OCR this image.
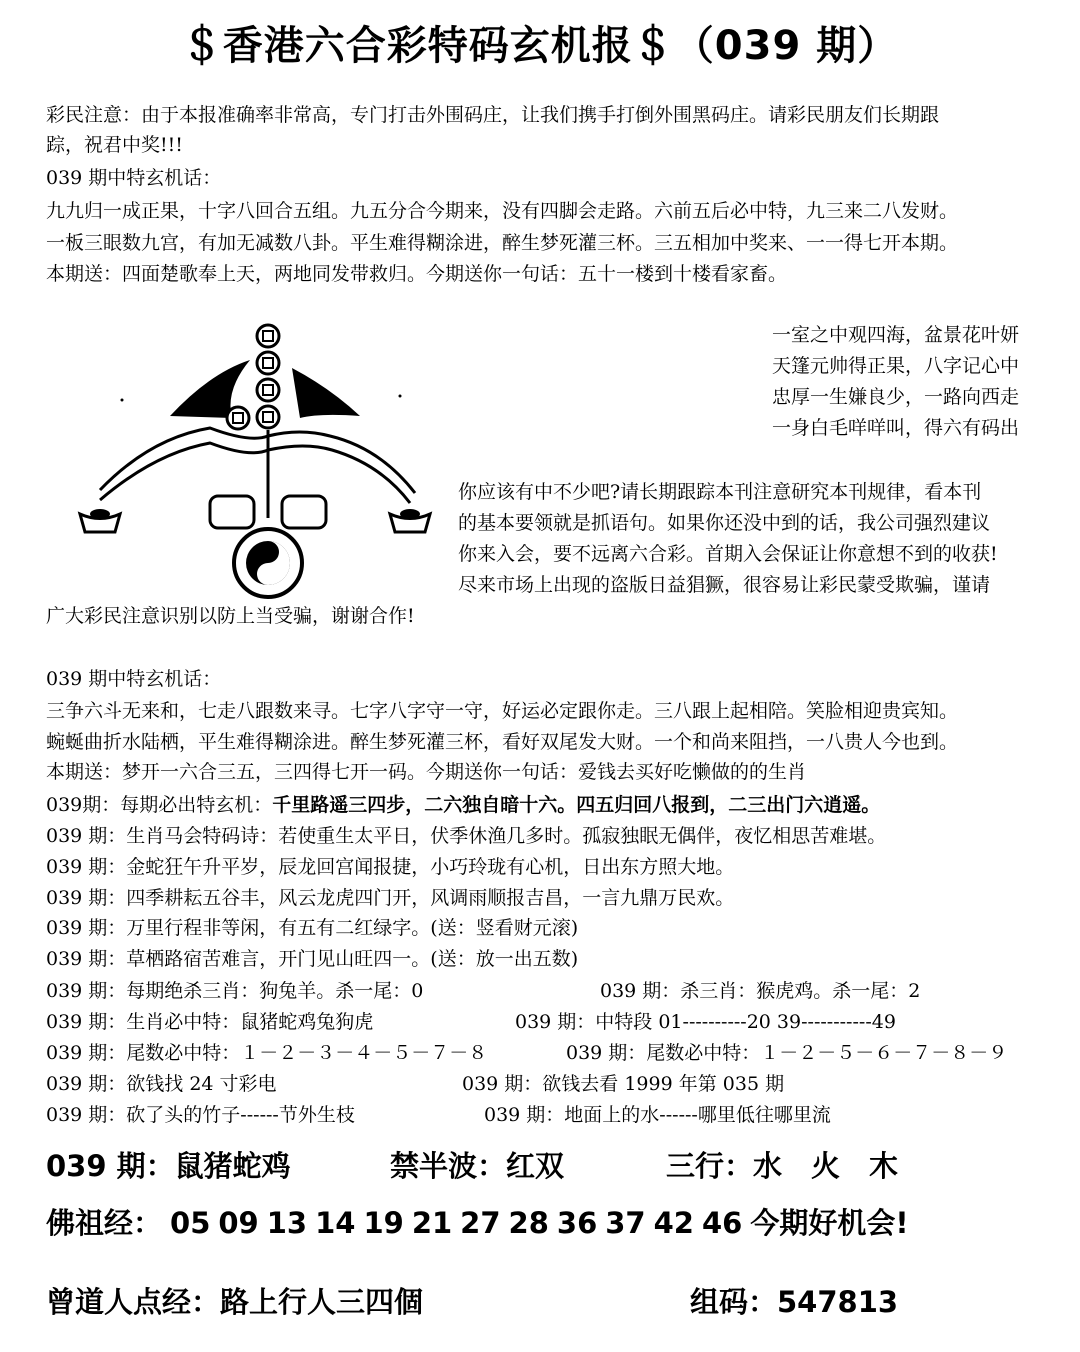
＄香港六合彩特码玄机报＄（039 期）
彩民注意：由于本报准确率非常高，专门打击外围码庄，让我们携手打倒外围黑码庄。请彩民朋友们长期跟
踪，祝君中奖!!!
039 期中特玄机话：
九九归一成正果，十字八回合五组。九五分合今期来，没有四脚会走路。六前五后必中特，九三来二八发财。
一板三眼数九宫，有加无减数八卦。平生难得糊涂进，醉生梦死灌三杯。三五相加中奖来、一一得七开本期。
本期送：四面楚歌奉上天，两地同发带救归。今期送你一句话：五十一楼到十楼看家畜。
一室之中观四海，盆景花叶妍
天篷元帅得正果，八字记心中
忠厚一生嫌良少，一路向西走
一身白毛咩咩叫，得六有码出
你应该有中不少吧?请长期跟踪本刊注意研究本刊规律，看本刊
的基本要领就是抓语句。如果你还没中到的话，我公司强烈建议
你来入会，要不远离六合彩。首期入会保证让你意想不到的收获!
尽来市场上出现的盗版日益猖獗，很容易让彩民蒙受欺骗，谨请
广大彩民注意识别以防上当受骗，谢谢合作!
039 期中特玄机话：
三争六斗无来和，七走八跟数来寻。七字八字守一守，好运必定跟你走。三八跟上起相陪。笑脸相迎贵宾知。
蜿蜒曲折水陆栖，平生难得糊涂进。醉生梦死灌三杯，看好双尾发大财。一个和尚来阻挡，一八贵人今也到。
本期送：梦开一六合三五，三四得七开一码。今期送你一句话：爱钱去买好吃懒做的的生肖
039期：每期必出特玄机：千里路遥三四步，二六独自暗十六。四五归回八报到，二三出门六逍遥。
039 期：生肖马会特码诗：若使重生太平日，伏季休渔几多时。孤寂独眠无偶伴，夜忆相思苦难堪。
039 期：金蛇狂午升平岁，辰龙回宫闻报捷，小巧玲珑有心机，日出东方照大地。
039 期：四季耕耘五谷丰，风云龙虎四门开，风调雨顺报吉昌，一言九鼎万民欢。
039 期：万里行程非等闲，有五有二红绿字。(送：竖看财元滚)
039 期：草栖路宿苦难言，开门见山旺四一。(送：放一出五数)
039 期：每期绝杀三肖：狗兔羊。杀一尾：0	039 期：杀三肖：猴虎鸡。杀一尾：2
039 期：生肖必中特：鼠猪蛇鸡兔狗虎	039 期：中特段 01----------20 39-----------49
039 期：尾数必中特：１－２－３－４－５－７－８	039 期：尾数必中特：１－２－５－６－７－８－９
039 期：欲钱找 24 寸彩电	039 期：欲钱去看 1999 年第 035 期
039 期：砍了头的竹子------节外生枝	039 期：地面上的水------哪里低往哪里流
039 期：鼠猪蛇鸡	禁半波：红双	三行：水　火　木
佛祖经： 05 09 13 14 19 21 27 28 36 37 42 46 今期好机会!
曾道人点经：路上行人三四個	组码：547813
